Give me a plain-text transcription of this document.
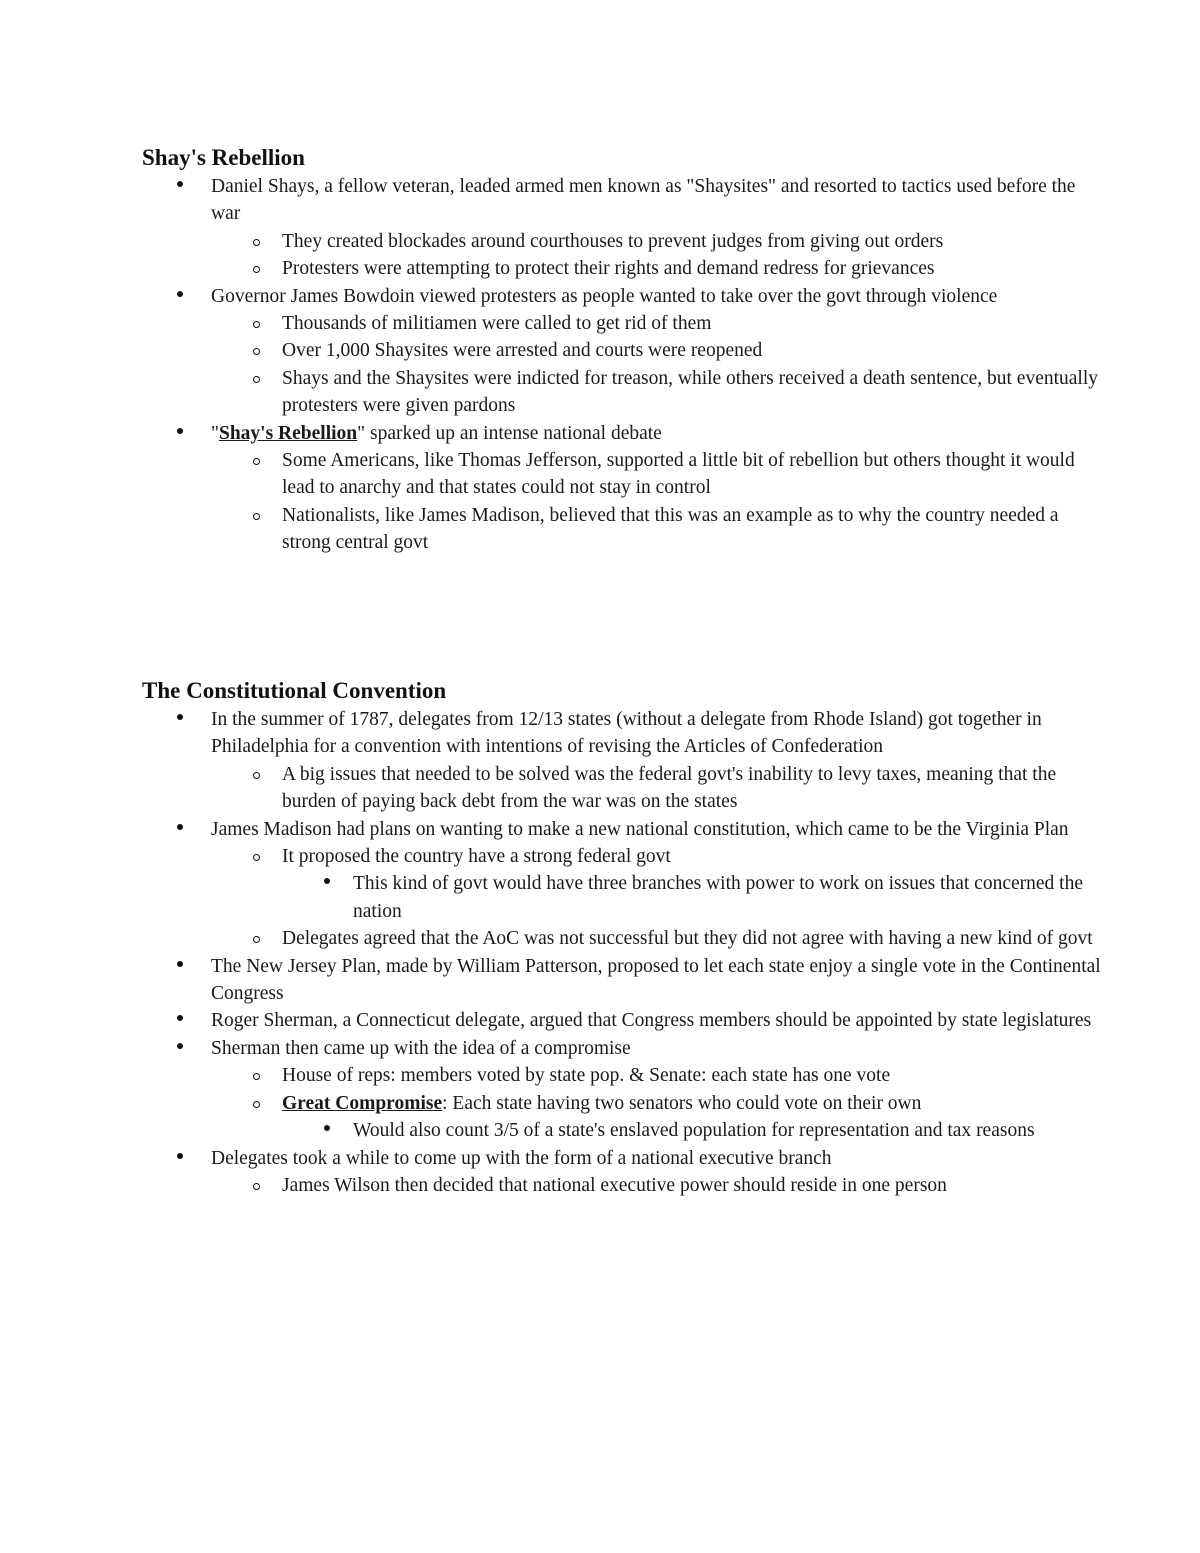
Shay's Rebellion
Daniel Shays, a fellow veteran, leaded armed men known as "Shaysites" and resorted to tactics used before the war
They created blockades around courthouses to prevent judges from giving out orders
Protesters were attempting to protect their rights and demand redress for grievances
Governor James Bowdoin viewed protesters as people wanted to take over the govt through violence
Thousands of militiamen were called to get rid of them
Over 1,000 Shaysites were arrested and courts were reopened
Shays and the Shaysites were indicted for treason, while others received a death sentence, but eventually protesters were given pardons
"Shay's Rebellion" sparked up an intense national debate
Some Americans, like Thomas Jefferson, supported a little bit of rebellion but others thought it would lead to anarchy and that states could not stay in control
Nationalists, like James Madison, believed that this was an example as to why the country needed a strong central govt
The Constitutional Convention
In the summer of 1787, delegates from 12/13 states (without a delegate from Rhode Island) got together in Philadelphia for a convention with intentions of revising the Articles of Confederation
A big issues that needed to be solved was the federal govt's inability to levy taxes, meaning that the burden of paying back debt from the war was on the states
James Madison had plans on wanting to make a new national constitution, which came to be the Virginia Plan
It proposed the country have a strong federal govt
This kind of govt would have three branches with power to work on issues that concerned the nation
Delegates agreed that the AoC was not successful but they did not agree with having a new kind of govt
The New Jersey Plan, made by William Patterson, proposed to let each state enjoy a single vote in the Continental Congress
Roger Sherman, a Connecticut delegate, argued that Congress members should be appointed by state legislatures
Sherman then came up with the idea of a compromise
House of reps: members voted by state pop. & Senate: each state has one vote
Great Compromise: Each state having two senators who could vote on their own
Would also count 3/5 of a state's enslaved population for representation and tax reasons
Delegates took a while to come up with the form of a national executive branch
James Wilson then decided that national executive power should reside in one person
